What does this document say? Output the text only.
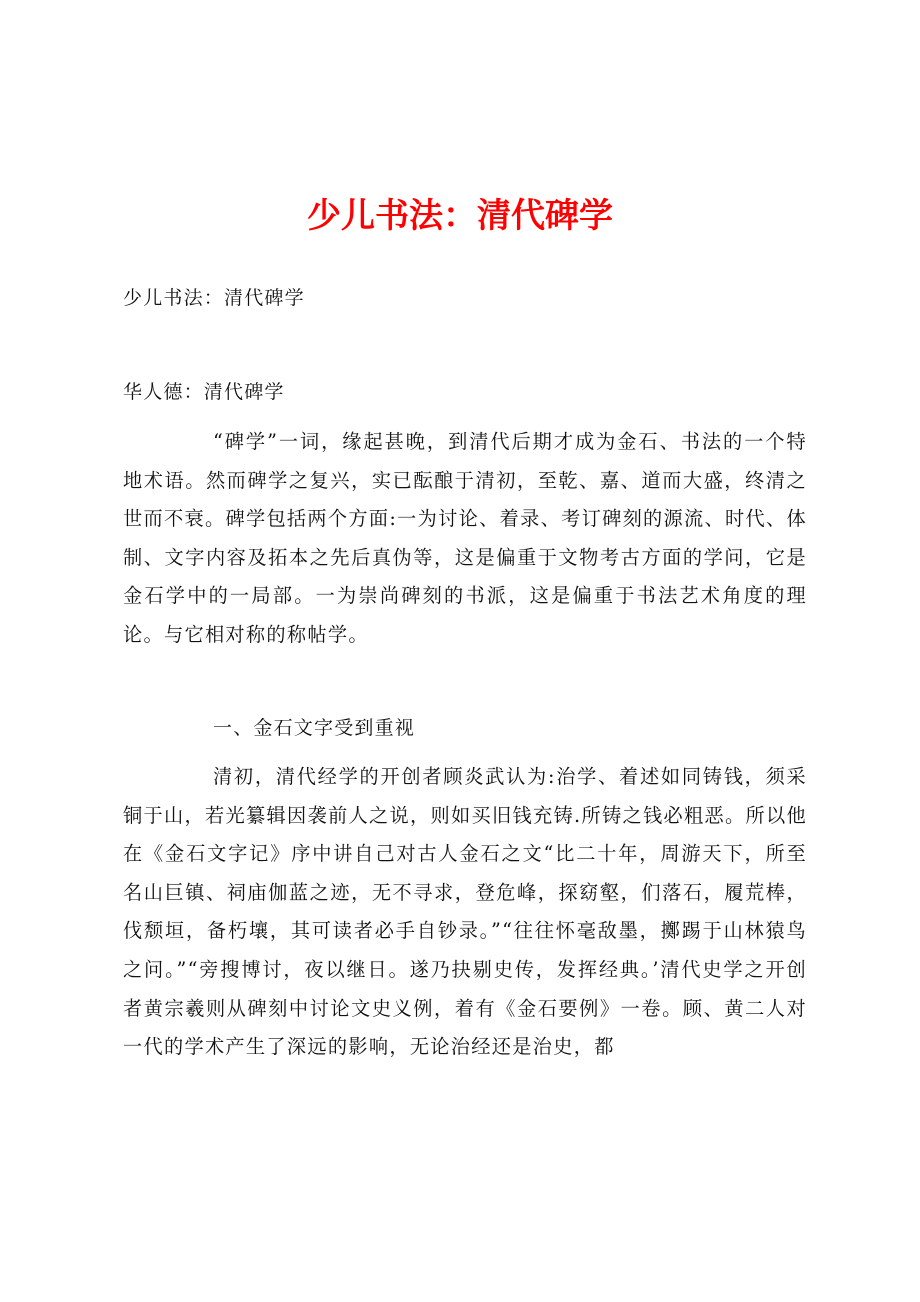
少儿书法：清代碑学

少儿书法：清代碑学

华人德：清代碑学

“碑学”一词，缘起甚晚，到清代后期才成为金石、书法的一个特地术语。然而碑学之复兴，实已酝酿于清初，至乾、嘉、道而大盛，终清之世而不衰。碑学包括两个方面:一为讨论、着录、考订碑刻的源流、时代、体制、文字内容及拓本之先后真伪等，这是偏重于文物考古方面的学问，它是金石学中的一局部。一为崇尚碑刻的书派，这是偏重于书法艺术角度的理论。与它相对称的称帖学。

一、金石文字受到重视

清初，清代经学的开创者顾炎武认为:治学、着述如同铸钱，须采铜于山，若光纂辑因袭前人之说，则如买旧钱充铸.所铸之钱必粗恶。所以他在《金石文字记》序中讲自己对古人金石之文“比二十年，周游天下，所至名山巨镇、祠庙伽蓝之迹，无不寻求，登危峰，探窈壑，们落石，履荒棒，伐颓垣，备朽壤，其可读者必手自钞录。”“往往怀毫敌墨，擲踢于山林猿鸟之问。”“旁搜博讨，夜以继日。遂乃抉剔史传，发挥经典。’清代史学之开创者黄宗羲则从碑刻中讨论文史义例，着有《金石要例》一卷。顾、黄二人对一代的学术产生了深远的影响，无论治经还是治史，都
